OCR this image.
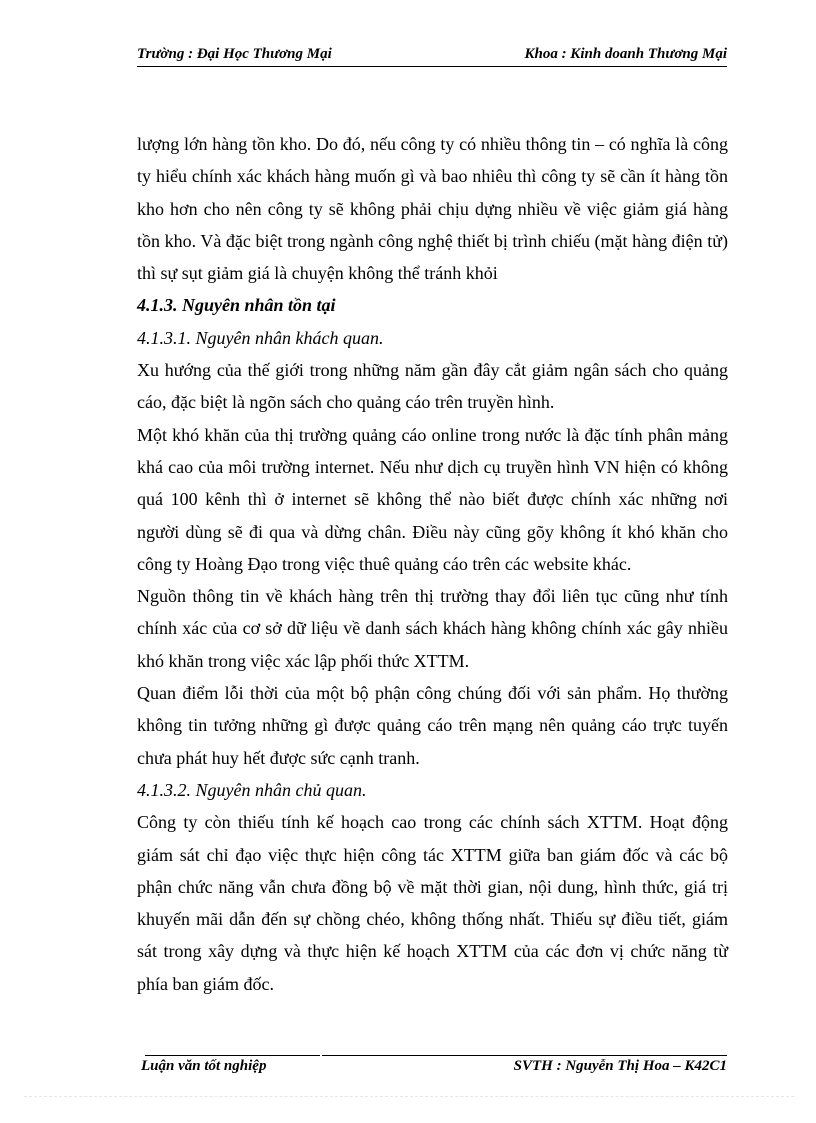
Trường : Đại Học Thương Mại	Khoa : Kinh doanh Thương Mại

lượng lớn hàng tồn kho. Do đó, nếu công ty có nhiều thông tin – có nghĩa là công ty hiểu chính xác khách hàng muốn gì và bao nhiêu thì công ty sẽ cần ít hàng tồn kho hơn cho nên công ty sẽ không phải chịu dựng nhiều về việc giảm giá hàng tồn kho. Và đặc biệt trong ngành công nghệ thiết bị trình chiếu (mặt hàng điện tử) thì sự sụt giảm giá là chuyện không thể tránh khỏi

4.1.3. Nguyên nhân tồn tại
4.1.3.1. Nguyên nhân khách quan.

Xu hướng của thế giới trong những năm gần đây cắt giảm ngân sách cho quảng cáo, đặc biệt là ngõn sách cho quảng cáo trên truyền hình.

Một khó khăn của thị trường quảng cáo online trong nước là đặc tính phân mảng khá cao của môi trường internet. Nếu như dịch cụ truyền hình VN hiện có không quá 100 kênh thì ở internet sẽ không thể nào biết được chính xác những nơi người dùng sẽ đi qua và dừng chân. Điều này cũng gõy không ít khó khăn cho công ty Hoàng Đạo trong việc thuê quảng cáo trên các website khác.

Nguồn thông tin về khách hàng trên thị trường thay đổi liên tục cũng như tính chính xác của cơ sở dữ liệu về danh sách khách hàng không chính xác gây nhiều khó khăn trong việc xác lập phối thức XTTM.

Quan điểm lỗi thời của một bộ phận công chúng đối với sản phẩm. Họ thường không tin tưởng những gì được quảng cáo trên mạng nên quảng cáo trực tuyến chưa phát huy hết được sức cạnh tranh.

4.1.3.2. Nguyên nhân chủ quan.

Công ty còn thiếu tính kế hoạch cao trong các chính sách XTTM. Hoạt động giám sát chỉ đạo việc thực hiện công tác XTTM giữa ban giám đốc và các bộ phận chức năng vẫn chưa đồng bộ về mặt thời gian, nội dung, hình thức, giá trị khuyến mãi dẫn đến sự chồng chéo, không thống nhất. Thiếu sự điều tiết, giám sát trong xây dựng và thực hiện kế hoạch XTTM của các đơn vị chức năng từ phía ban giám đốc.

Luận văn tốt nghiệp	SVTH : Nguyễn Thị Hoa – K42C1
